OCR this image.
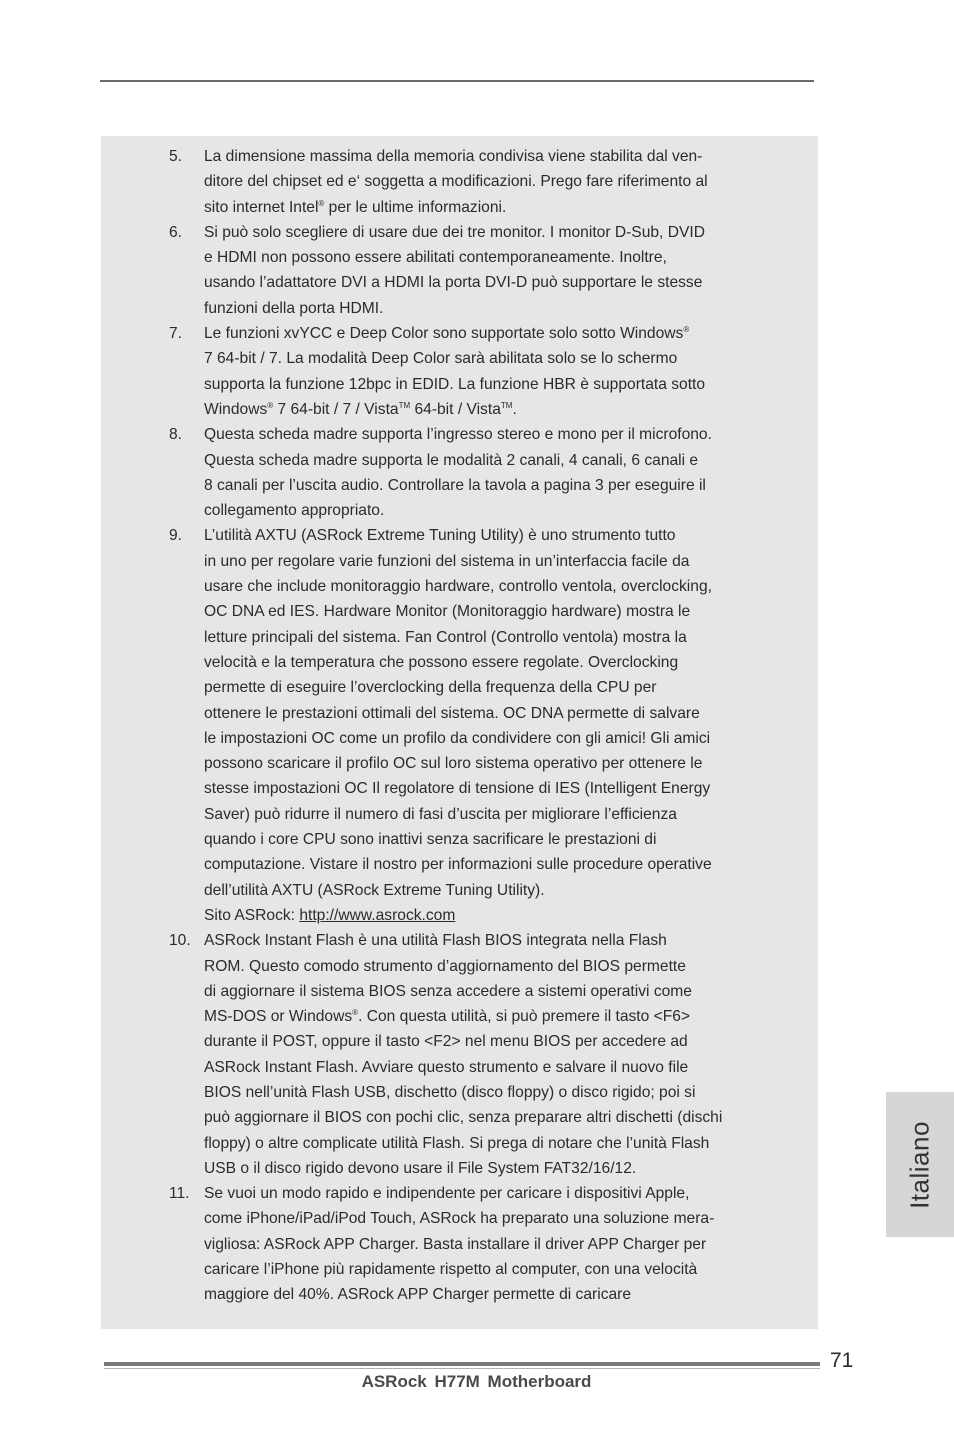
5. La dimensione massima della memoria condivisa viene stabilita dal ven-
ditore del chipset ed e‘ soggetta a modificazioni. Prego fare riferimento al
sito internet Intel® per le ultime informazioni.

6. Si può solo scegliere di usare due dei tre monitor. I monitor D-Sub, DVID
e HDMI non possono essere abilitati contemporaneamente. Inoltre,
usando l’adattatore DVI a HDMI la porta DVI-D può supportare le stesse
funzioni della porta HDMI.

7. Le funzioni xvYCC e Deep Color sono supportate solo sotto Windows®
7 64-bit / 7. La modalità Deep Color sarà abilitata solo se lo schermo
supporta la funzione 12bpc in EDID. La funzione HBR è supportata sotto
Windows® 7 64-bit / 7 / Vista™ 64-bit / Vista™.

8. Questa scheda madre supporta l’ingresso stereo e mono per il microfono.
Questa scheda madre supporta le modalità 2 canali, 4 canali, 6 canali e
8 canali per l’uscita audio. Controllare la tavola a pagina 3 per eseguire il
collegamento appropriato.

9. L’utilità AXTU (ASRock Extreme Tuning Utility) è uno strumento tutto
in uno per regolare varie funzioni del sistema in un’interfaccia facile da
usare che include monitoraggio hardware, controllo ventola, overclocking,
OC DNA ed IES. Hardware Monitor (Monitoraggio hardware) mostra le
letture principali del sistema. Fan Control (Controllo ventola) mostra la
velocità e la temperatura che possono essere regolate. Overclocking
permette di eseguire l’overclocking della frequenza della CPU per
ottenere le prestazioni ottimali del sistema. OC DNA permette di salvare
le impostazioni OC come un profilo da condividere con gli amici! Gli amici
possono scaricare il profilo OC sul loro sistema operativo per ottenere le
stesse impostazioni OC Il regolatore di tensione di IES (Intelligent Energy
Saver) può ridurre il numero di fasi d’uscita per migliorare l’efficienza
quando i core CPU sono inattivi senza sacrificare le prestazioni di
computazione. Vistare il nostro per informazioni sulle procedure operative
dell’utilità AXTU (ASRock Extreme Tuning Utility).
Sito ASRock: http://www.asrock.com

10. ASRock Instant Flash è una utilità Flash BIOS integrata nella Flash
ROM. Questo comodo strumento d’aggiornamento del BIOS permette
di aggiornare il sistema BIOS senza accedere a sistemi operativi come
MS-DOS or Windows®. Con questa utilità, si può premere il tasto <F6>
durante il POST, oppure il tasto <F2> nel menu BIOS per accedere ad
ASRock Instant Flash. Avviare questo strumento e salvare il nuovo file
BIOS nell’unità Flash USB, dischetto (disco floppy) o disco rigido; poi si
può aggiornare il BIOS con pochi clic, senza preparare altri dischetti (dischi
floppy) o altre complicate utilità Flash. Si prega di notare che l’unità Flash
USB o il disco rigido devono usare il File System FAT32/16/12.

11. Se vuoi un modo rapido e indipendente per caricare i dispositivi Apple,
come iPhone/iPad/iPod Touch, ASRock ha preparato una soluzione mera-
vigliosa: ASRock APP Charger. Basta installare il driver APP Charger per
caricare l’iPhone più rapidamente rispetto al computer, con una velocità
maggiore del 40%. ASRock APP Charger permette di caricare

Italiano
71
ASRock H77M Motherboard
